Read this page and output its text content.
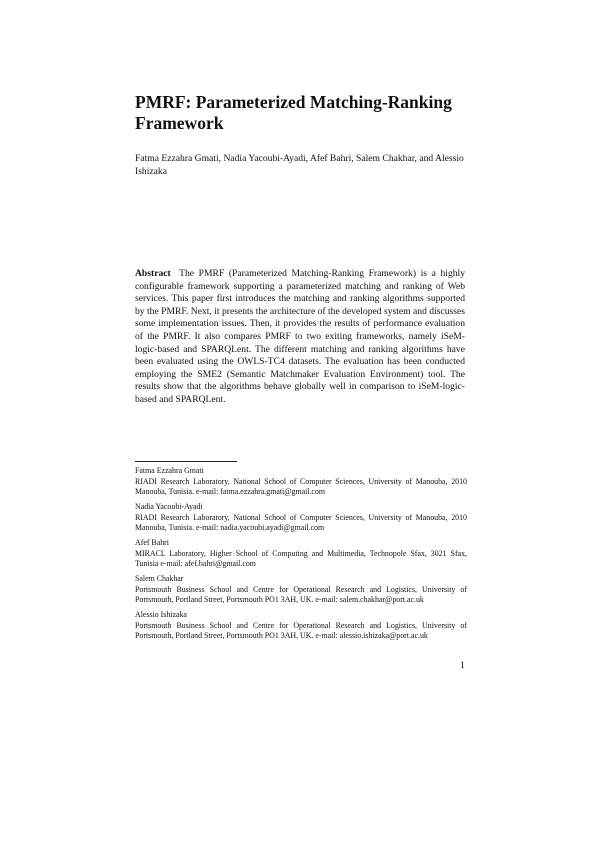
PMRF: Parameterized Matching-Ranking Framework
Fatma Ezzahra Gmati, Nadia Yacoubi-Ayadi, Afef Bahri, Salem Chakhar, and Alessio Ishizaka
Abstract The PMRF (Parameterized Matching-Ranking Framework) is a highly configurable framework supporting a parameterized matching and ranking of Web services. This paper first introduces the matching and ranking algorithms supported by the PMRF. Next, it presents the architecture of the developed system and discusses some implementation issues. Then, it provides the results of performance evaluation of the PMRF. It also compares PMRF to two exiting frameworks, namely iSeM-logic-based and SPARQLent. The different matching and ranking algorithms have been evaluated using the OWLS-TC4 datasets. The evaluation has been conducted employing the SME2 (Semantic Matchmaker Evaluation Environment) tool. The results show that the algorithms behave globally well in comparison to iSeM-logic-based and SPARQLent.
Fatma Ezzahra Gmati
RIADI Research Laboratory, National School of Computer Sciences, University of Manouba, 2010 Manouba, Tunisia. e-mail: fatma.ezzahra.gmati@gmail.com
Nadia Yacoubi-Ayadi
RIADI Research Laboratory, National School of Computer Sciences, University of Manouba, 2010 Manouba, Tunisia. e-mail: nadia.yacoubi.ayadi@gmail.com
Afef Bahri
MIRACL Laboratory, Higher School of Computing and Multimedia, Technopole Sfax, 3021 Sfax, Tunisia e-mail: afef.bahri@gmail.com
Salem Chakhar
Portsmouth Business School and Centre for Operational Research and Logistics, University of Portsmouth, Portland Street, Portsmouth PO1 3AH, UK. e-mail: salem.chakhar@port.ac.uk
Alessio Ishizaka
Portsmouth Business School and Centre for Operational Research and Logistics, University of Portsmouth, Portland Street, Portsmouth PO1 3AH, UK. e-mail: alessio.ishizaka@port.ac.uk
1
